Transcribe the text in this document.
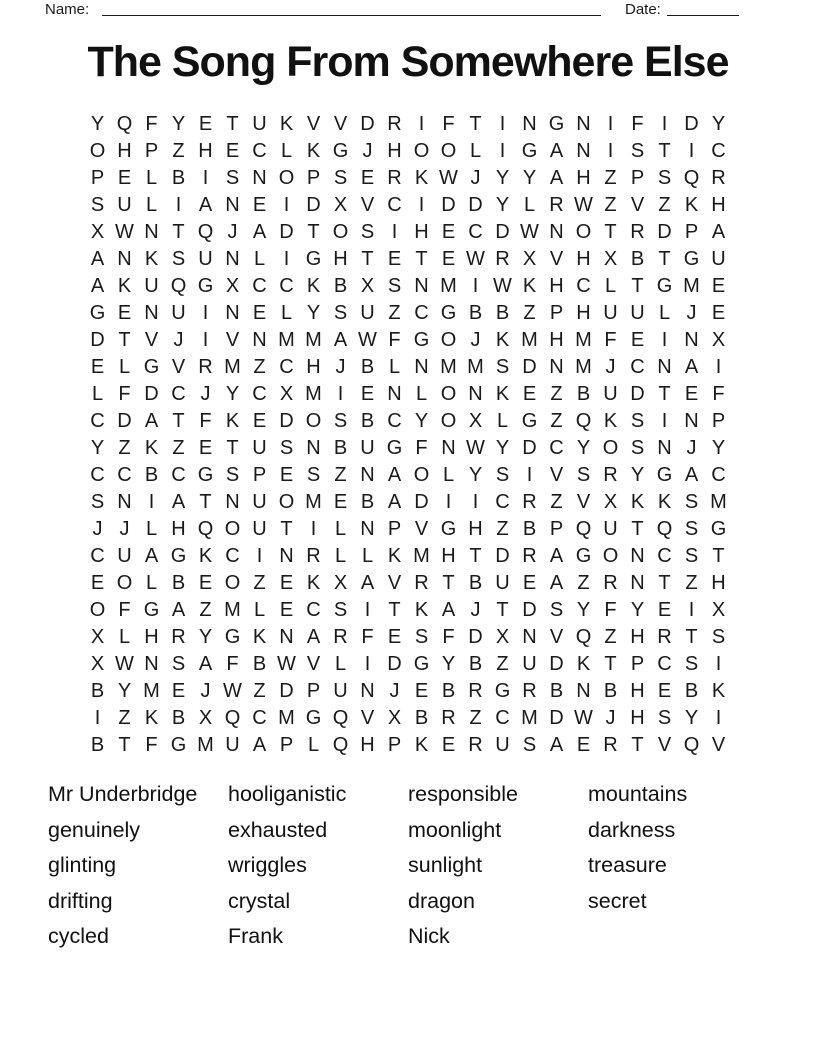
Name:	Date:
The Song From Somewhere Else
Y Q F Y E T U K V V D R I F T I N G N I F I D Y
O H P Z H E C L K G J H O O L I G A N I S T I C
P E L B I S N O P S E R K W J Y Y A H Z P S Q R
S U L I A N E I D X V C I D D Y L R W Z V Z K H
X W N T Q J A D T O S I H E C D W N O T R D P A
A N K S U N L I G H T E T E W R X V H X B T G U
A K U Q G X C C K B X S N M I W K H C L T G M E
G E N U I N E L Y S U Z C G B B Z P H U U L J E
D T V J I V N M M A W F G O J K M H M F E I N X
E L G V R M Z C H J B L N M M S D N M J C N A I
L F D C J Y C X M I E N L O N K E Z B U D T E F
C D A T F K E D O S B C Y O X L G Z Q K S I N P
Y Z K Z E T U S N B U G F N W Y D C Y O S N J Y
C C B C G S P E S Z N A O L Y S I V S R Y G A C
S N I A T N U O M E B A D I	I C R Z V X K K S M
J J L H Q O U T I L N P V G H Z B P Q U T Q S G
C U A G K C I N R L L K M H T D R A G O N C S T
E O L B E O Z E K X A V R T B U E A Z R N T Z H
O F G A Z M L E C S I T K A J T D S Y F Y E I X
X L H R Y G K N A R F E S F D X N V Q Z H R T S
X W N S A F B W V L I D G Y B Z U D K T P C S I
B Y M E J W Z D P U N J E B R G R B N B H E B K
I Z K B X Q C M G Q V X B R Z C M D W J H S Y I
B T F G M U A P L Q H P K E R U S A E R T V Q V
Mr Underbridge
genuinely
glinting
drifting
cycled
hooliganistic
exhausted
wriggles
crystal
Frank
responsible
moonlight
sunlight
dragon
Nick
mountains
darkness
treasure
secret
